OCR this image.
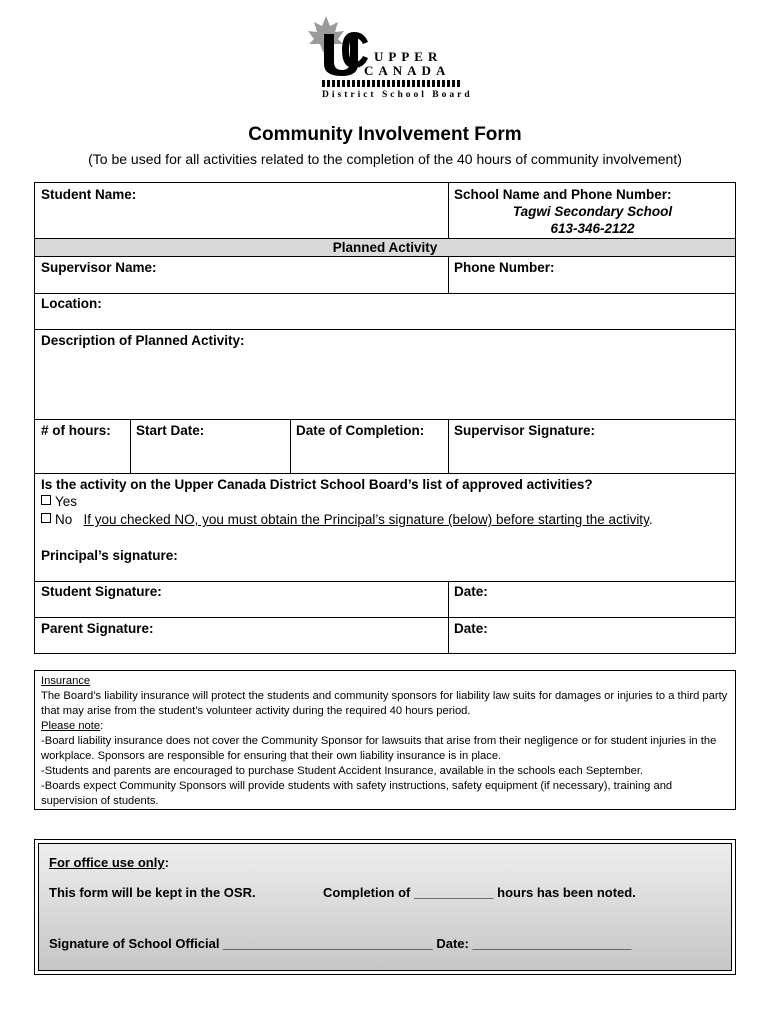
UPPER
CANADA
District School Board
Community Involvement Form
(To be used for all activities related to the completion of the 40 hours of community involvement)
Student Name:	School Name and Phone Number:
Tagwi Secondary School
613-346-2122
Planned Activity
Supervisor Name:	Phone Number:
Location:
Description of Planned Activity:
# of hours: Start Date:	Date of Completion: Supervisor Signature:
Is the activity on the Upper Canada District School Board’s list of approved activities?
Yes
No If you checked NO, you must obtain the Principal’s signature (below) before starting the activity.
Principal’s signature:
Student Signature:	Date:
Parent Signature:	Date:

Insurance

The Board’s liability insurance will protect the students and community sponsors for liability law suits for damages or injuries to a third party that may arise from the student’s volunteer activity during the required 40 hours period.

Please note:

-Board liability insurance does not cover the Community Sponsor for lawsuits that arise from their negligence or for student injuries in the workplace. Sponsors are responsible for ensuring that their own liability insurance is in place.

-Students and parents are encouraged to purchase Student Accident Insurance, available in the schools each September.

-Boards expect Community Sponsors will provide students with safety instructions, safety equipment (if necessary), training and supervision of students.

For office use only:
This form will be kept in the OSR.	Completion of ___________ hours has been noted.
Signature of School Official _____________________________ Date: ______________________
